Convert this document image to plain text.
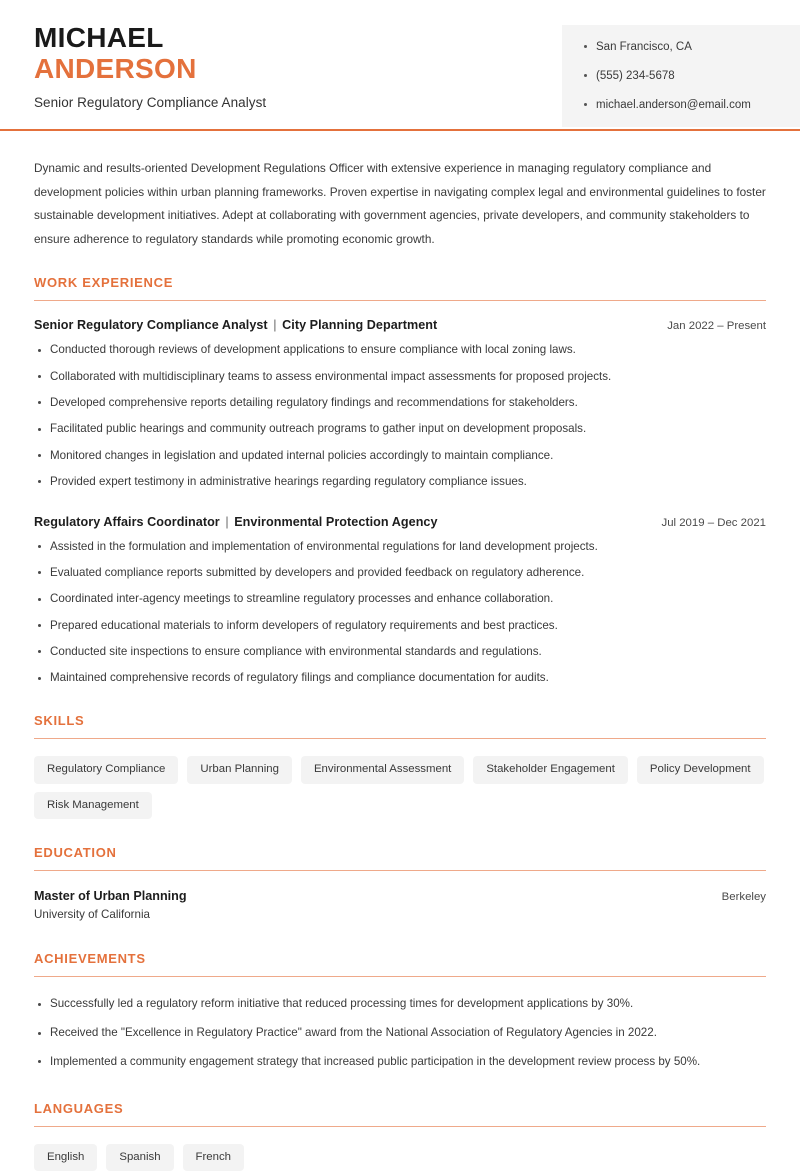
MICHAEL
ANDERSON
Senior Regulatory Compliance Analyst
San Francisco, CA
(555) 234-5678
michael.anderson@email.com

Dynamic and results-oriented Development Regulations Officer with extensive experience in managing regulatory compliance and development policies within urban planning frameworks. Proven expertise in navigating complex legal and environmental guidelines to foster sustainable development initiatives. Adept at collaborating with government agencies, private developers, and community stakeholders to ensure adherence to regulatory standards while promoting economic growth.

WORK EXPERIENCE
Senior Regulatory Compliance Analyst | City Planning Department	Jan 2022 – Present
Conducted thorough reviews of development applications to ensure compliance with local zoning laws.
Collaborated with multidisciplinary teams to assess environmental impact assessments for proposed projects.
Developed comprehensive reports detailing regulatory findings and recommendations for stakeholders.
Facilitated public hearings and community outreach programs to gather input on development proposals.
Monitored changes in legislation and updated internal policies accordingly to maintain compliance.
Provided expert testimony in administrative hearings regarding regulatory compliance issues.
Regulatory Affairs Coordinator | Environmental Protection Agency	Jul 2019 – Dec 2021
Assisted in the formulation and implementation of environmental regulations for land development projects.
Evaluated compliance reports submitted by developers and provided feedback on regulatory adherence.
Coordinated inter-agency meetings to streamline regulatory processes and enhance collaboration.
Prepared educational materials to inform developers of regulatory requirements and best practices.
Conducted site inspections to ensure compliance with environmental standards and regulations.
Maintained comprehensive records of regulatory filings and compliance documentation for audits.
SKILLS
Regulatory Compliance	Urban Planning	Environmental Assessment	Stakeholder Engagement	Policy Development
Risk Management
EDUCATION
Master of Urban Planning
University of California
Berkeley
ACHIEVEMENTS
Successfully led a regulatory reform initiative that reduced processing times for development applications by 30%.
Received the "Excellence in Regulatory Practice" award from the National Association of Regulatory Agencies in 2022.
Implemented a community engagement strategy that increased public participation in the development review process by 50%.
LANGUAGES
English	Spanish	French
